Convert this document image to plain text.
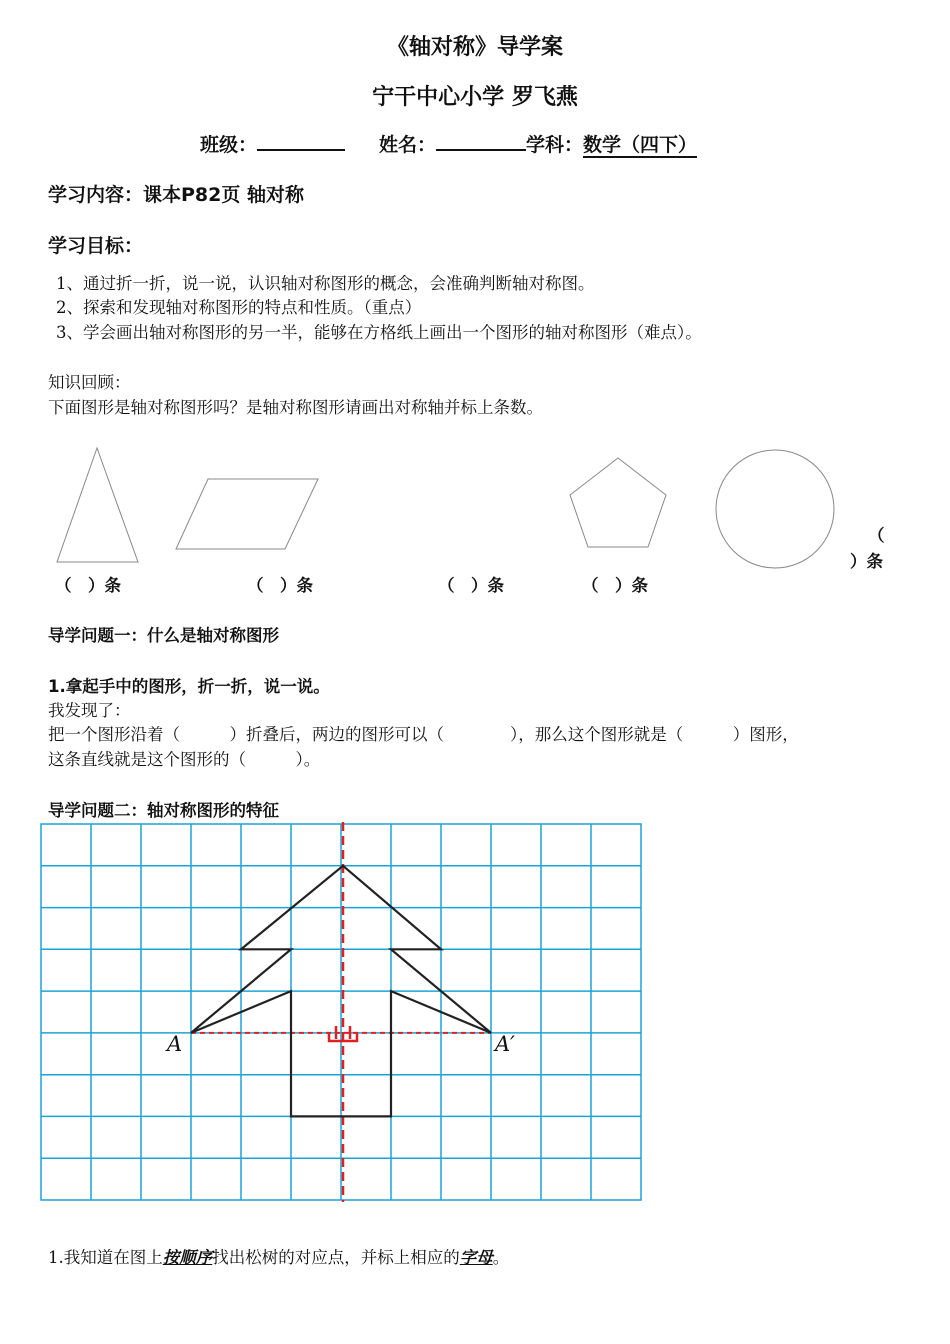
《轴对称》导学案
宁干中心小学 罗飞燕
班级：	姓名：	学科：数学（四下）
学习内容：课本P82页 轴对称
学习目标：
1、通过折一折，说一说，认识轴对称图形的概念，会准确判断轴对称图。
2、探索和发现轴对称图形的特点和性质。（重点）
3、学会画出轴对称图形的另一半，能够在方格纸上画出一个图形的轴对称图形（难点）。
知识回顾：
下面图形是轴对称图形吗？是轴对称图形请画出对称轴并标上条数。
（　）条	（　）条	（　）条	（　）条
（
）条
导学问题一：什么是轴对称图形
1.拿起手中的图形，折一折，说一说。
我发现了：
把一个图形沿着（　　　）折叠后，两边的图形可以（　　　　），那么这个图形就是（　　　）图形，
这条直线就是这个图形的（　　　）。
导学问题二：轴对称图形的特征
A	A′
1.我知道在图上按顺序找出松树的对应点，并标上相应的字母。
